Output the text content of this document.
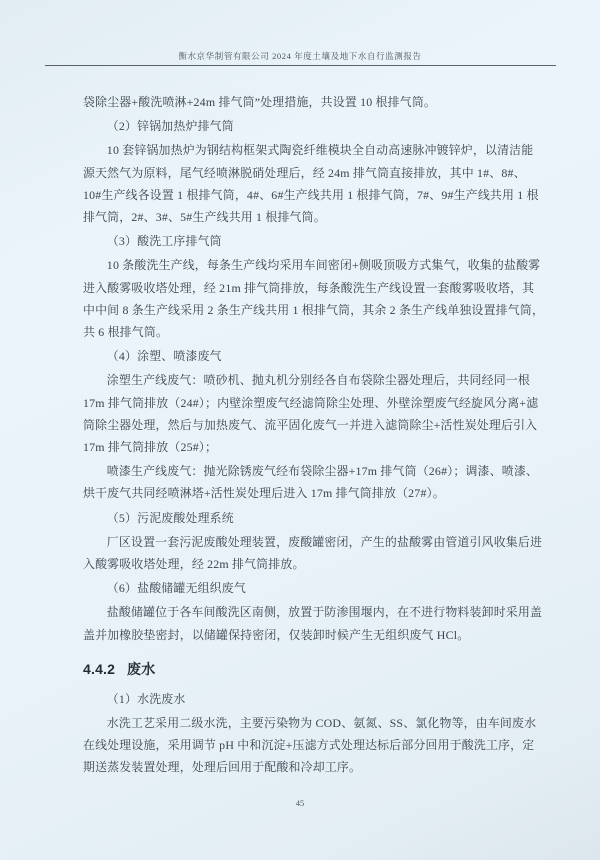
衡水京华制管有限公司 2024 年度土壤及地下水自行监测报告
袋除尘器+酸洗喷淋+24m 排气筒”处理措施，共设置 10 根排气筒。
（2）锌锅加热炉排气筒
10 套锌锅加热炉为钢结构框架式陶瓷纤维模块全自动高速脉冲镀锌炉，以清洁能
源天然气为原料，尾气经喷淋脱硝处理后，经 24m 排气筒直接排放，其中 1#、8#、
10#生产线各设置 1 根排气筒，4#、6#生产线共用 1 根排气筒，7#、9#生产线共用 1 根
排气筒，2#、3#、5#生产线共用 1 根排气筒。
（3）酸洗工序排气筒
10 条酸洗生产线，每条生产线均采用车间密闭+侧吸顶吸方式集气，收集的盐酸雾
进入酸雾吸收塔处理，经 21m 排气筒排放，每条酸洗生产线设置一套酸雾吸收塔，其
中中间 8 条生产线采用 2 条生产线共用 1 根排气筒，其余 2 条生产线单独设置排气筒，
共 6 根排气筒。
（4）涂塑、喷漆废气
涂塑生产线废气：喷砂机、抛丸机分别经各自布袋除尘器处理后，共同经同一根
17m 排气筒排放（24#）；内壁涂塑废气经滤筒除尘处理、外壁涂塑废气经旋风分离+滤
筒除尘器处理，然后与加热废气、流平固化废气一并进入滤筒除尘+活性炭处理后引入
17m 排气筒排放（25#）；
喷漆生产线废气：抛光除锈废气经布袋除尘器+17m 排气筒（26#）；调漆、喷漆、
烘干废气共同经喷淋塔+活性炭处理后进入 17m 排气筒排放（27#）。
（5）污泥废酸处理系统
厂区设置一套污泥废酸处理装置，废酸罐密闭，产生的盐酸雾由管道引风收集后进
入酸雾吸收塔处理，经 22m 排气筒排放。
（6）盐酸储罐无组织废气
盐酸储罐位于各车间酸洗区南侧，放置于防渗围堰内，在不进行物料装卸时采用盖
盖并加橡胶垫密封，以储罐保持密闭，仅装卸时候产生无组织废气 HCl。
4.4.2 废水
（1）水洗废水
水洗工艺采用二级水洗，主要污染物为 COD、氨氮、SS、氯化物等，由车间废水
在线处理设施，采用调节 pH 中和沉淀+压滤方式处理达标后部分回用于酸洗工序，定
期送蒸发装置处理，处理后回用于配酸和冷却工序。
45
